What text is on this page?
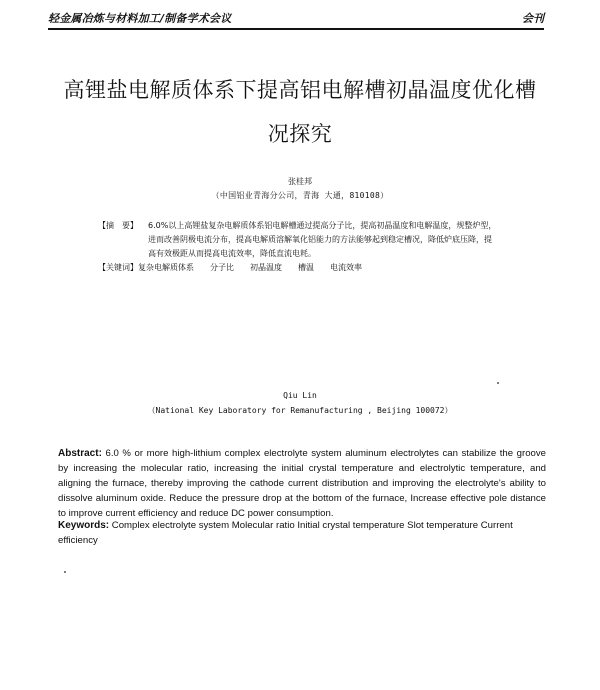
轻金属冶炼与材料加工/制备学术会议	会刊
高锂盐电解质体系下提高铝电解槽初晶温度优化槽
况探究
张桂邦
（中国铝业青海分公司，青海 大通，810108）
【摘　要】 6.0%以上高锂盐复杂电解质体系铝电解槽通过提高分子比，提高初晶温度和电解温度，规整炉型，进而改善阴极电流分布，提高电解质溶解氧化铝能力的方法能够起到稳定槽况，降低炉底压降，提高有效极距从而提高电流效率，降低直流电耗。
【关键词】复杂电解质体系 分子比 初晶温度 槽温 电流效率
Qiu Lin
（National Key Laboratory for Remanufacturing , Beijing 100072）
Abstract: 6.0 % or more high-lithium complex electrolyte system aluminum electrolytes can stabilize the groove by increasing the molecular ratio, increasing the initial crystal temperature and electrolytic temperature, and aligning the furnace, thereby improving the cathode current distribution and improving the electrolyte's ability to dissolve aluminum oxide. Reduce the pressure drop at the bottom of the furnace, Increase effective pole distance to improve current efficiency and reduce DC power consumption.
Keywords: Complex electrolyte system Molecular ratio Initial crystal temperature Slot temperature Current efficiency
